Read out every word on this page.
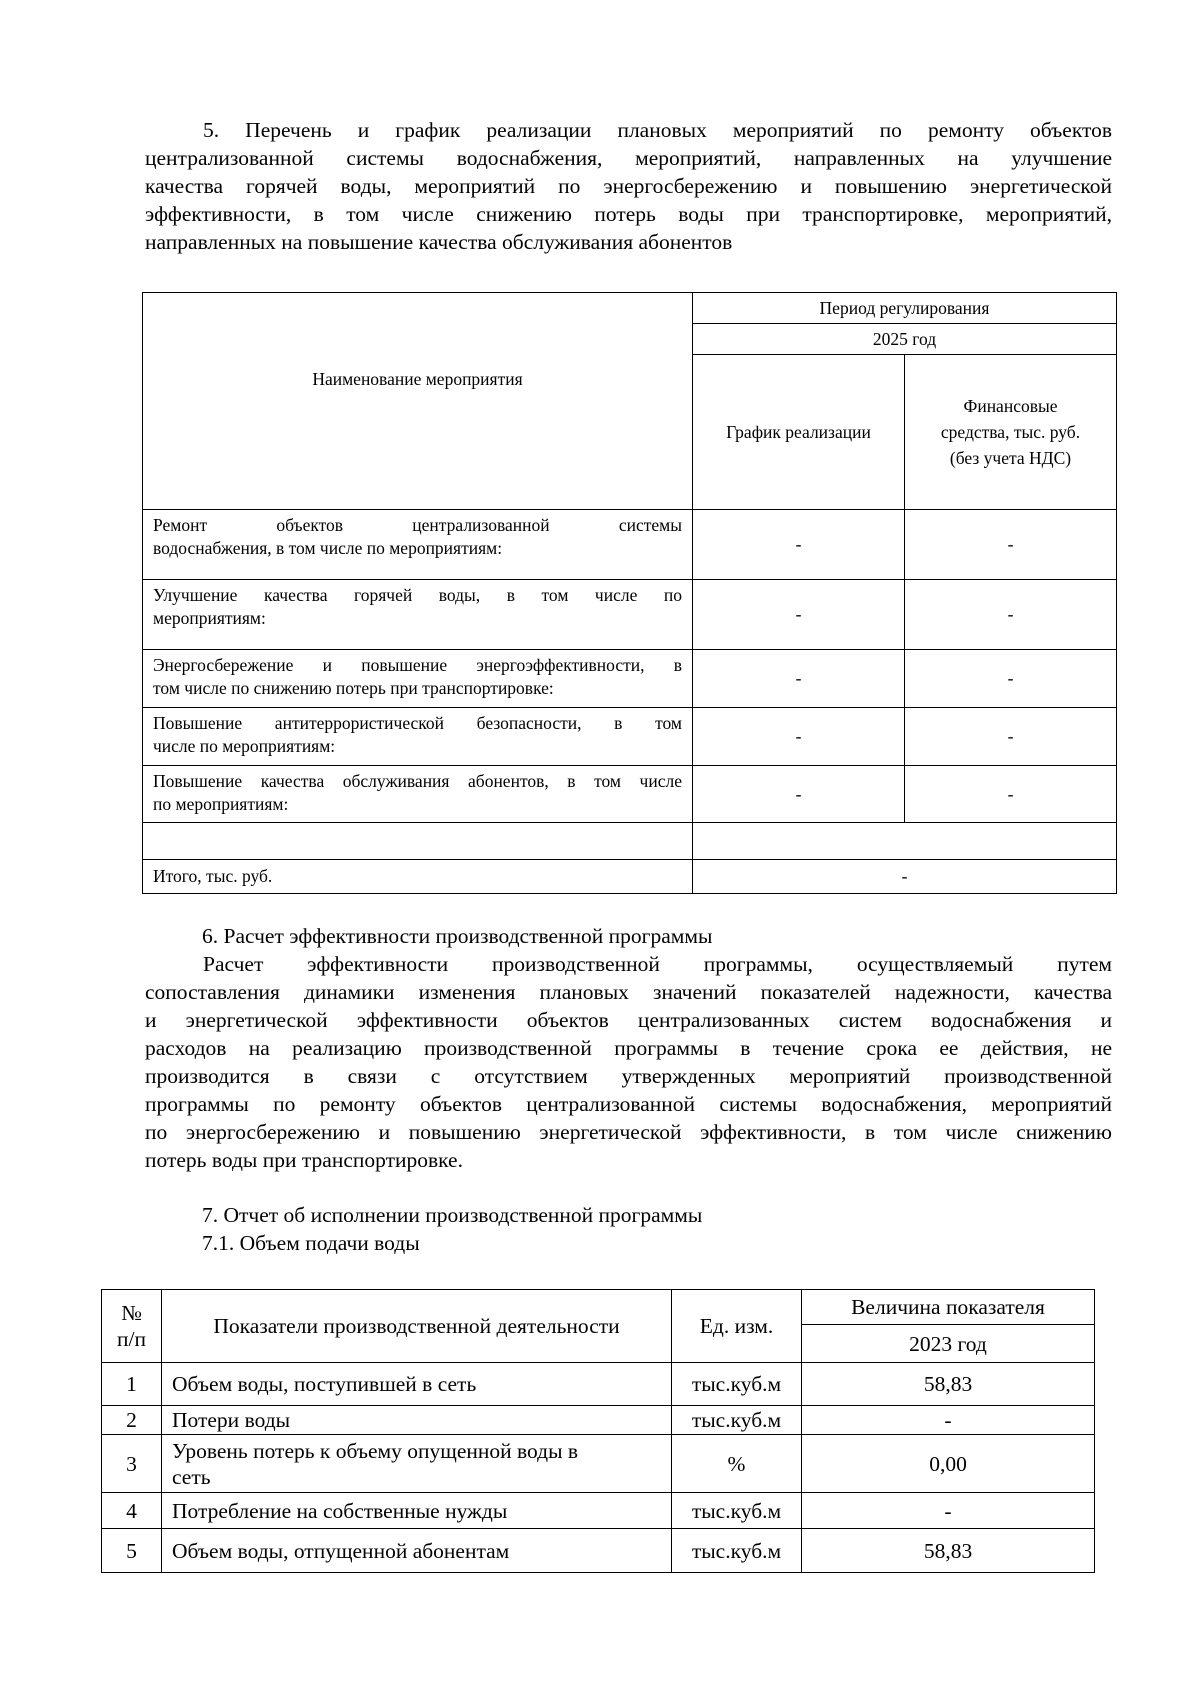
5. Перечень и график реализации плановых мероприятий по ремонту объектов
централизованной системы водоснабжения, мероприятий, направленных на улучшение
качества горячей воды, мероприятий по энергосбережению и повышению энергетической
эффективности, в том числе снижению потерь воды при транспортировке, мероприятий,
направленных на повышение качества обслуживания абонентов
Наименование мероприятия	Период регулирования	
	2025 год	
	График реализации	Финансовые
средства, тыс. руб.
(без учета НДС)

Ремонт объектов централизованной системы
водоснабжения, в том числе по мероприятиям:	-	-

Улучшение качества горячей воды, в том числе по
мероприятиям:	-	-

Энергосбережение и повышение энергоэффективности, в
том числе по снижению потерь при транспортировке:	-	-

Повышение антитеррористической безопасности, в том
числе по мероприятиям:	-	-

Повышение качества обслуживания абонентов, в том числе
по мероприятиям:	-	-

Итого, тыс. руб.	-	
6. Расчет эффективности производственной программы
Расчет эффективности производственной программы, осуществляемый путем
сопоставления динамики изменения плановых значений показателей надежности, качества
и энергетической эффективности объектов централизованных систем водоснабжения и
расходов на реализацию производственной программы в течение срока ее действия, не
производится в связи с отсутствием утвержденных мероприятий производственной
программы по ремонту объектов централизованной системы водоснабжения, мероприятий
по энергосбережению и повышению энергетической эффективности, в том числе снижению
потерь воды при транспортировке.
7. Отчет об исполнении производственной программы
7.1. Объем подачи воды
№
п/п	Показатели производственной деятельности	Ед. изм.	Величина показателя
			2023 год
1	Объем воды, поступившей в сеть	тыс.куб.м	58,83
2	Потери воды	тыс.куб.м	-
3	Уровень потерь к объему опущенной воды в
сеть	%	0,00
4	Потребление на собственные нужды	тыс.куб.м	-
5	Объем воды, отпущенной абонентам	тыс.куб.м	58,83
